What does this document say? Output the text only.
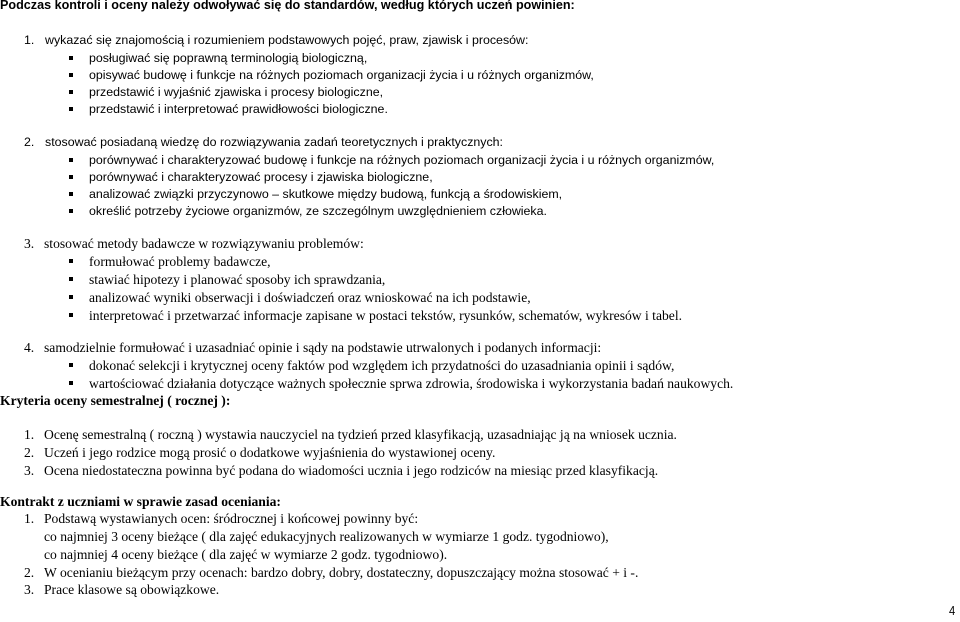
Podczas kontroli i oceny należy odwoływać się do standardów, według których uczeń powinien:
1. wykazać się znajomością i rozumieniem podstawowych pojęć, praw, zjawisk i procesów:
posługiwać się poprawną terminologią biologiczną,
opisywać budowę i funkcje na różnych poziomach organizacji życia i u różnych organizmów,
przedstawić i wyjaśnić zjawiska i procesy biologiczne,
przedstawić i interpretować prawidłowości biologiczne.
2. stosować posiadaną wiedzę do rozwiązywania zadań teoretycznych i praktycznych:
porównywać i charakteryzować budowę i funkcje na różnych poziomach organizacji życia i u różnych organizmów,
porównywać i charakteryzować procesy i zjawiska biologiczne,
analizować związki przyczynowo – skutkowe między budową, funkcją a środowiskiem,
określić potrzeby życiowe organizmów, ze szczególnym uwzględnieniem człowieka.
3. stosować metody badawcze w rozwiązywaniu problemów:
formułować problemy badawcze,
stawiać hipotezy i planować sposoby ich sprawdzania,
analizować wyniki obserwacji i doświadczeń oraz wnioskować na ich podstawie,
interpretować i przetwarzać informacje zapisane w postaci tekstów, rysunków, schematów, wykresów i tabel.
4. samodzielnie formułować i uzasadniać opinie i sądy na podstawie utrwalonych i podanych informacji:
dokonać selekcji i krytycznej oceny faktów pod względem ich przydatności do uzasadniania opinii i sądów,
wartościować działania dotyczące ważnych społecznie sprwa zdrowia, środowiska i wykorzystania badań naukowych.
Kryteria oceny semestralnej ( rocznej ):
1. Ocenę semestralną ( roczną ) wystawia nauczyciel na tydzień przed klasyfikacją, uzasadniając ją na wniosek ucznia.
2. Uczeń i jego rodzice mogą prosić o dodatkowe wyjaśnienia do wystawionej oceny.
3. Ocena niedostateczna powinna być podana do wiadomości ucznia i jego rodziców na miesiąc przed klasyfikacją.
Kontrakt z uczniami w sprawie zasad oceniania:
1. Podstawą wystawianych ocen: śródrocznej i końcowej powinny być:
co najmniej 3 oceny bieżące ( dla zajęć edukacyjnych realizowanych w wymiarze 1 godz. tygodniowo),
co najmniej 4 oceny bieżące ( dla zajęć w wymiarze 2 godz. tygodniowo).
2. W ocenianiu bieżącym przy ocenach: bardzo dobry, dobry, dostateczny, dopuszczający można stosować + i -.
3. Prace klasowe są obowiązkowe.
4
